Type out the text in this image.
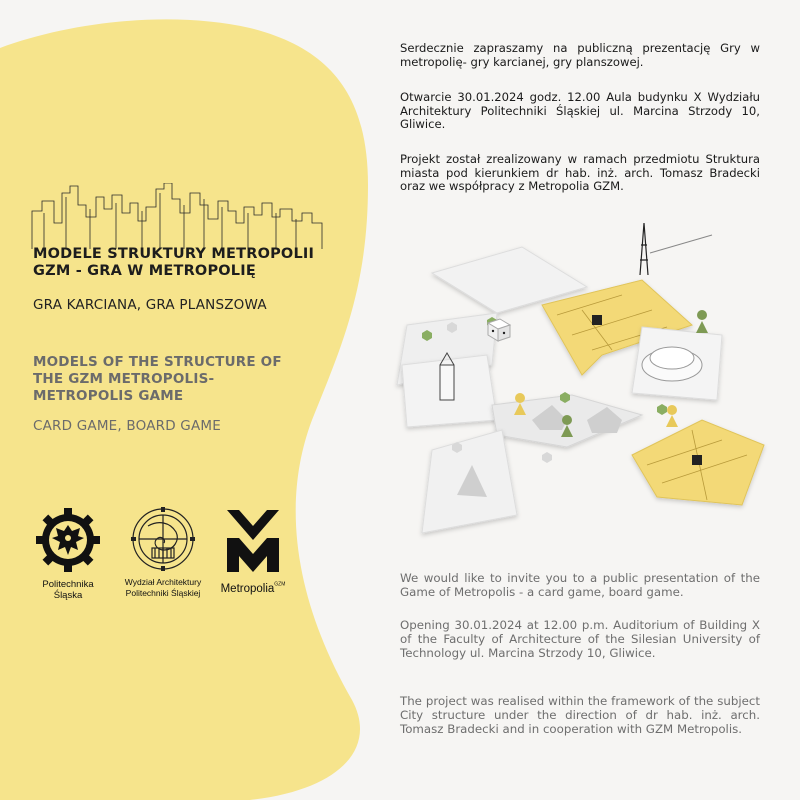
MODELE STRUKTURY METROPOLII
GZM - GRA W METROPOLIĘ
GRA KARCIANA, GRA PLANSZOWA
MODELS OF THE STRUCTURE OF
THE GZM METROPOLIS-
METROPOLIS GAME
CARD GAME, BOARD GAME
Politechnika
Śląska
Wydział Architektury
Politechniki Śląskiej	Metropolia$^{GZM}$

Serdecznie zapraszamy na publiczną prezentację Gry w metropolię- gry karcianej, gry planszowej.

Otwarcie 30.01.2024 godz. 12.00 Aula budynku X Wydziału Architektury Politechniki Śląskiej ul. Marcina Strzody 10, Gliwice.

Projekt został zrealizowany w ramach przedmiotu Struktura miasta pod kierunkiem dr hab. inż. arch. Tomasz Bradecki oraz we współpracy z Metropolia GZM.

We would like to invite you to a public presentation of the Game of Metropolis - a card game, board game.

Opening 30.01.2024 at 12.00 p.m. Auditorium of Building X of the Faculty of Architecture of the Silesian University of Technology ul. Marcina Strzody 10, Gliwice.

The project was realised within the framework of the subject City structure under the direction of dr hab. inż. arch. Tomasz Bradecki and in cooperation with GZM Metropolis.
